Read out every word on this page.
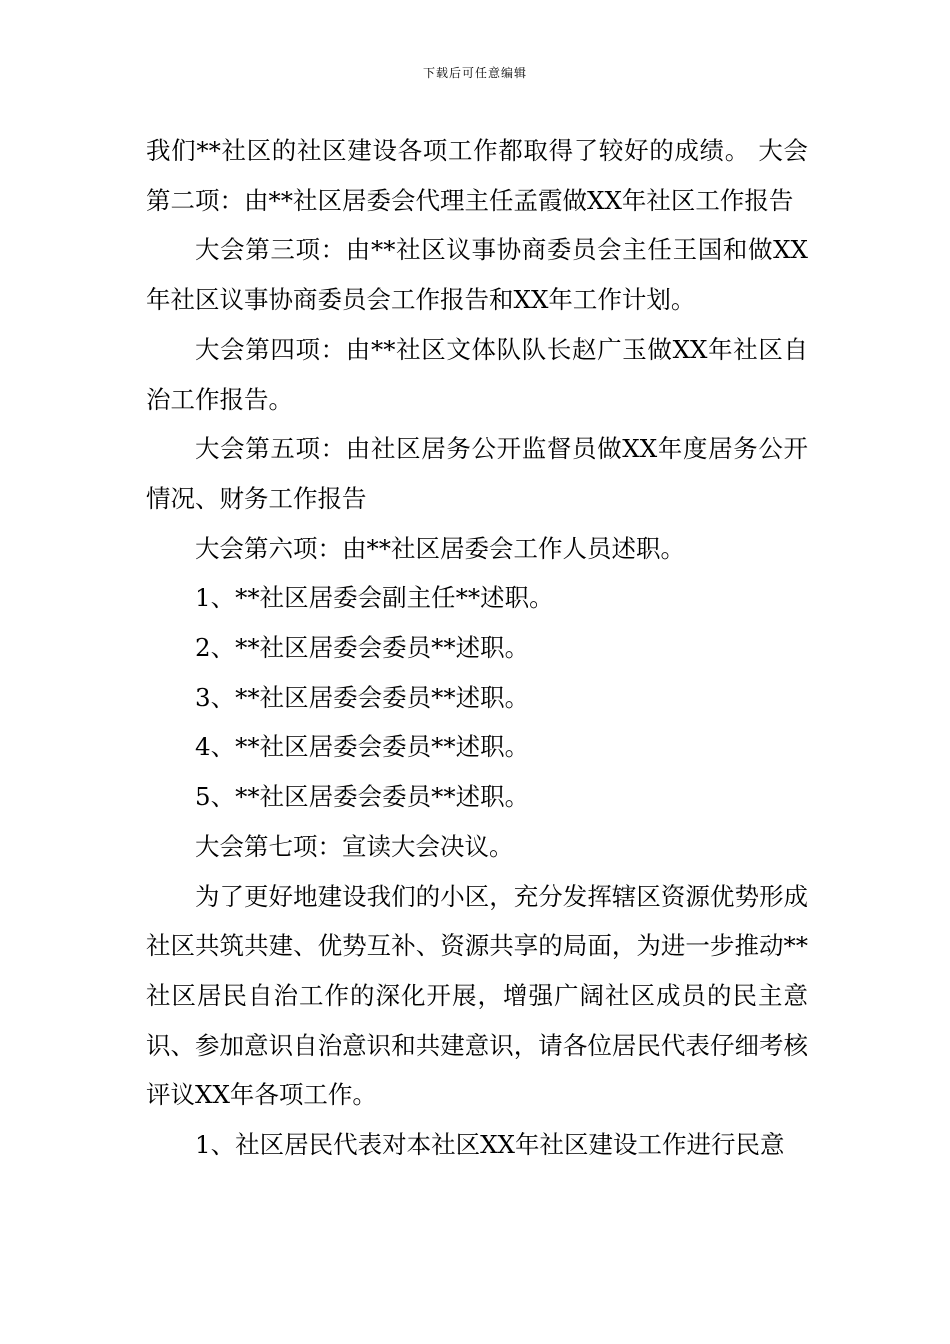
下载后可任意编辑

我们**社区的社区建设各项工作都取得了较好的成绩。 大会第二项：由**社区居委会代理主任孟霞做XX年社区工作报告

大会第三项：由**社区议事协商委员会主任王国和做XX年社区议事协商委员会工作报告和XX年工作计划。

大会第四项：由**社区文体队队长赵广玉做XX年社区自治工作报告。

大会第五项：由社区居务公开监督员做XX年度居务公开情况、财务工作报告

大会第六项：由**社区居委会工作人员述职。

1、**社区居委会副主任**述职。

2、**社区居委会委员**述职。

3、**社区居委会委员**述职。

4、**社区居委会委员**述职。

5、**社区居委会委员**述职。

大会第七项：宣读大会决议。

为了更好地建设我们的小区，充分发挥辖区资源优势形成社区共筑共建、优势互补、资源共享的局面，为进一步推动**社区居民自治工作的深化开展，增强广阔社区成员的民主意识、参加意识自治意识和共建意识，请各位居民代表仔细考核评议XX年各项工作。

1、社区居民代表对本社区XX年社区建设工作进行民意
